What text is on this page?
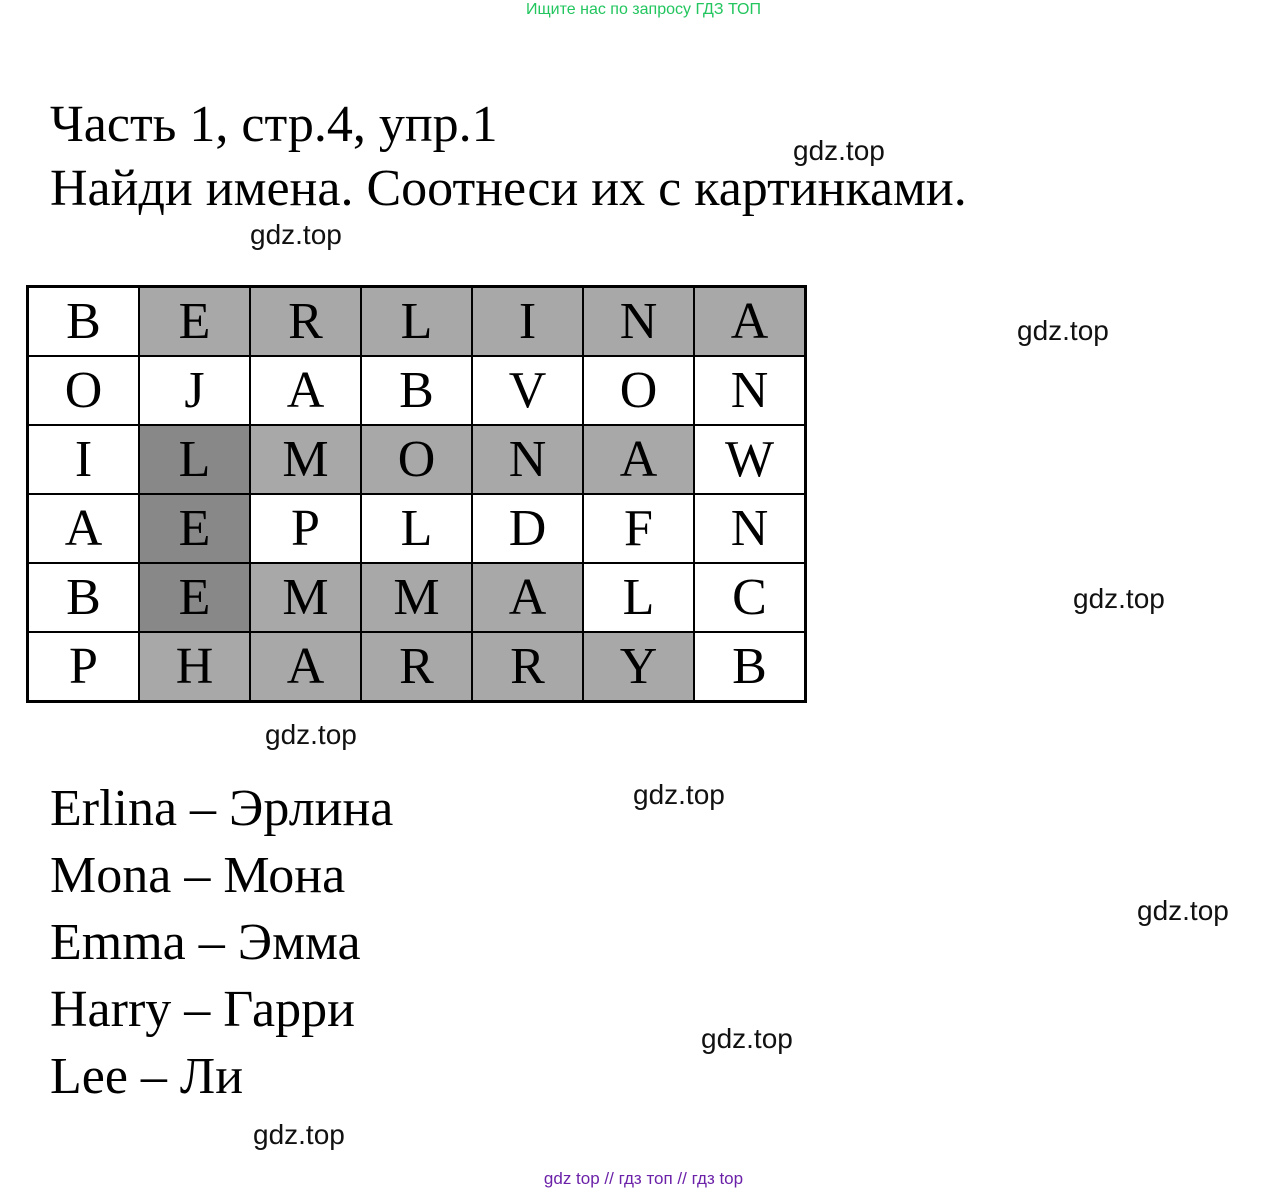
Ищите нас по запросу ГДЗ ТОП
Часть 1, стр.4, упр.1
Найди имена. Соотнеси их с картинками.
gdz.top
gdz.top
gdz.top
gdz.top
gdz.top
gdz.top
gdz.top
gdz.top
gdz.top
B	E	R	L	I	N	A
O	J	A	B	V	O	N
I	L	M	O	N	A	W
A	E	P	L	D	F	N
B	E	M	M	A	L	C
P	H	A	R	R	Y	B
Erlina – Эрлина
Mona – Мона
Emma – Эмма
Harry – Гарри
Lee – Ли
gdz top // гдз топ // гдз top
